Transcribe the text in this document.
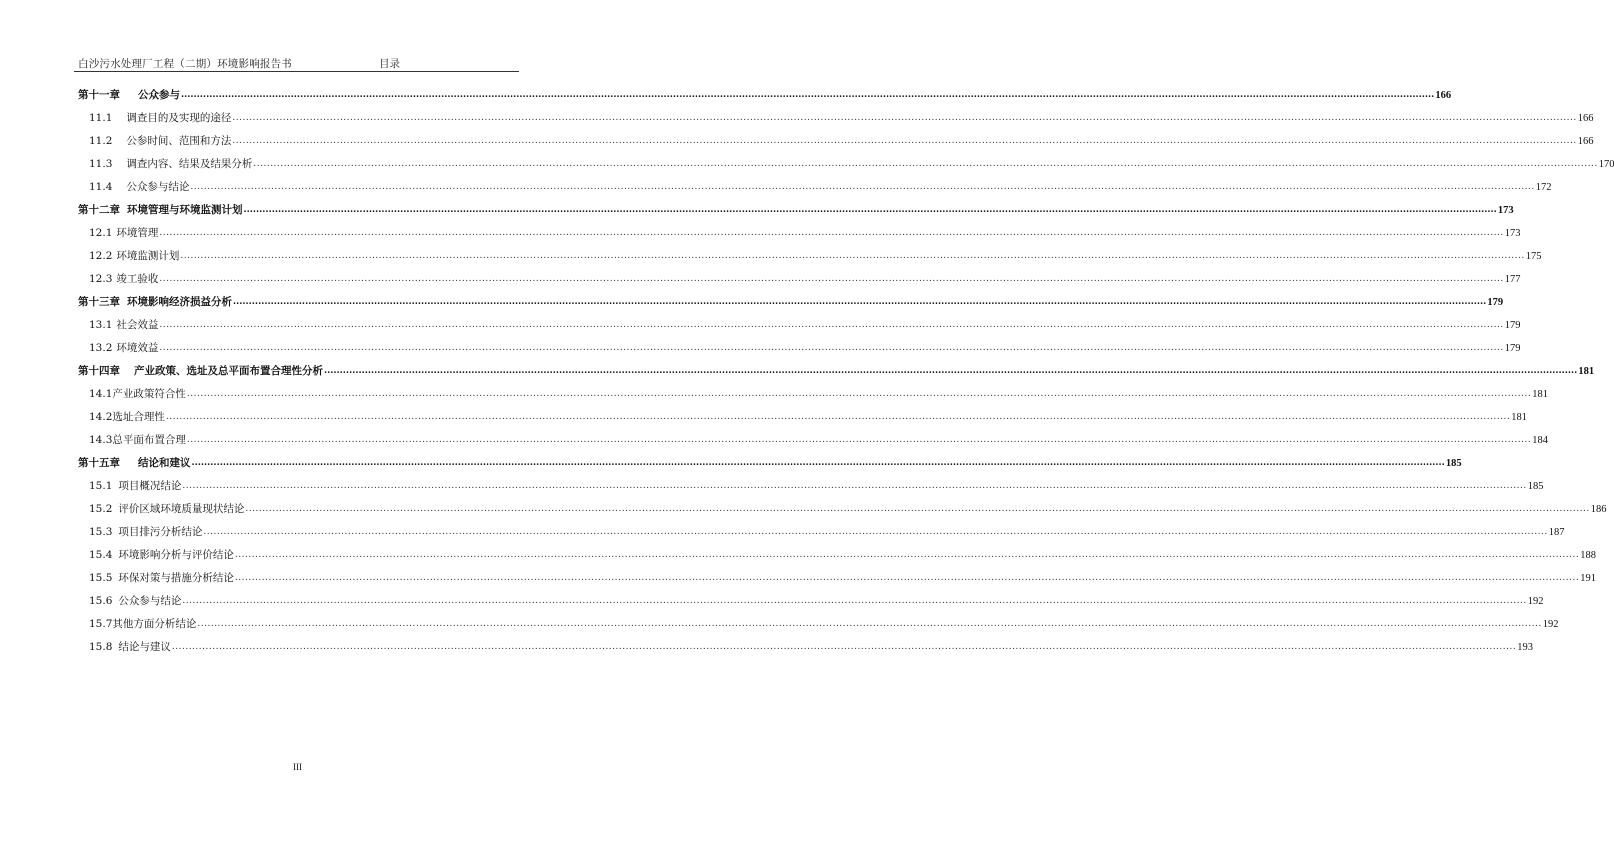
白沙污水处理厂工程（二期）环境影响报告书	目录
第十一章 公众参与 ................................................................................................................................................................................................................................................................................................................................................................................................................ 166
11.1 调查目的及实现的途径 ................................................................................................................................................................................................................................................................................................................................................................................................................ 166
11.2 公参时间、范围和方法 ................................................................................................................................................................................................................................................................................................................................................................................................................ 166
11.3 调查内容、结果及结果分析 ................................................................................................................................................................................................................................................................................................................................................................................................................ 170
11.4 公众参与结论 ................................................................................................................................................................................................................................................................................................................................................................................................................ 172
第十二章 环境管理与环境监测计划 ................................................................................................................................................................................................................................................................................................................................................................................................................ 173
12.1 环境管理 ................................................................................................................................................................................................................................................................................................................................................................................................................ 173
12.2 环境监测计划 ................................................................................................................................................................................................................................................................................................................................................................................................................ 175
12.3 竣工验收 ................................................................................................................................................................................................................................................................................................................................................................................................................ 177
第十三章 环境影响经济损益分析 ................................................................................................................................................................................................................................................................................................................................................................................................................ 179
13.1 社会效益 ................................................................................................................................................................................................................................................................................................................................................................................................................ 179
13.2 环境效益 ................................................................................................................................................................................................................................................................................................................................................................................................................ 179
第十四章 产业政策、选址及总平面布置合理性分析 ................................................................................................................................................................................................................................................................................................................................................................................................................ 181
14.1 产业政策符合性 ................................................................................................................................................................................................................................................................................................................................................................................................................ 181
14.2 选址合理性 ................................................................................................................................................................................................................................................................................................................................................................................................................ 181
14.3 总平面布置合理 ................................................................................................................................................................................................................................................................................................................................................................................................................ 184
第十五章 结论和建议 ................................................................................................................................................................................................................................................................................................................................................................................................................ 185
15.1 项目概况结论 ................................................................................................................................................................................................................................................................................................................................................................................................................ 185
15.2 评价区域环境质量现状结论 ................................................................................................................................................................................................................................................................................................................................................................................................................ 186
15.3 项目排污分析结论 ................................................................................................................................................................................................................................................................................................................................................................................................................ 187
15.4 环境影响分析与评价结论 ................................................................................................................................................................................................................................................................................................................................................................................................................ 188
15.5 环保对策与措施分析结论 ................................................................................................................................................................................................................................................................................................................................................................................................................ 191
15.6 公众参与结论 ................................................................................................................................................................................................................................................................................................................................................................................................................ 192
15.7 其他方面分析结论 ................................................................................................................................................................................................................................................................................................................................................................................................................ 192
15.8 结论与建议 ................................................................................................................................................................................................................................................................................................................................................................................................................ 193
III
